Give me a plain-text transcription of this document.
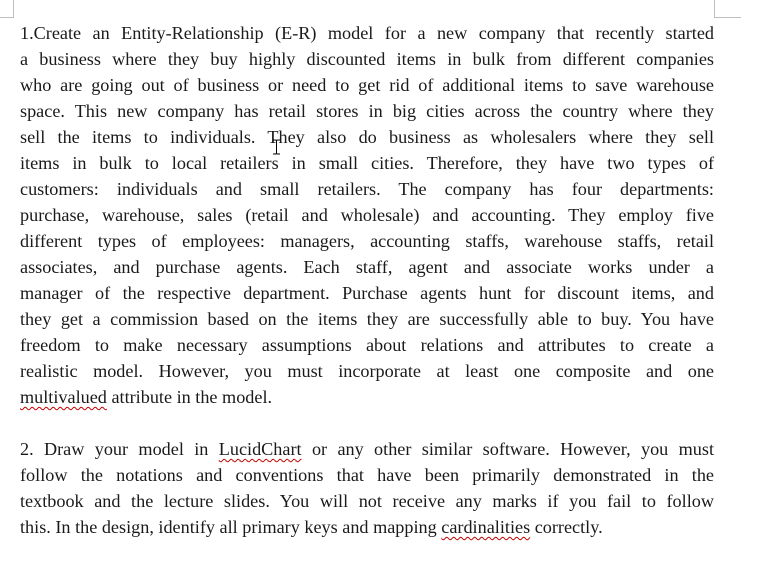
1.Create an Entity-Relationship (E-R) model for a new company that recently started
a business where they buy highly discounted items in bulk from different companies
who are going out of business or need to get rid of additional items to save warehouse
space. This new company has retail stores in big cities across the country where they
sell the items to individuals. They also do business as wholesalers where they sell
items in bulk to local retailers in small cities. Therefore, they have two types of
customers: individuals and small retailers. The company has four departments:
purchase, warehouse, sales (retail and wholesale) and accounting. They employ five
different types of employees: managers, accounting staffs, warehouse staffs, retail
associates, and purchase agents. Each staff, agent and associate works under a
manager of the respective department. Purchase agents hunt for discount items, and
they get a commission based on the items they are successfully able to buy. You have
freedom to make necessary assumptions about relations and attributes to create a
realistic model. However, you must incorporate at least one composite and one
multivalued attribute in the model.

2. Draw your model in LucidChart or any other similar software. However, you must
follow the notations and conventions that have been primarily demonstrated in the
textbook and the lecture slides. You will not receive any marks if you fail to follow
this. In the design, identify all primary keys and mapping cardinalities correctly.
